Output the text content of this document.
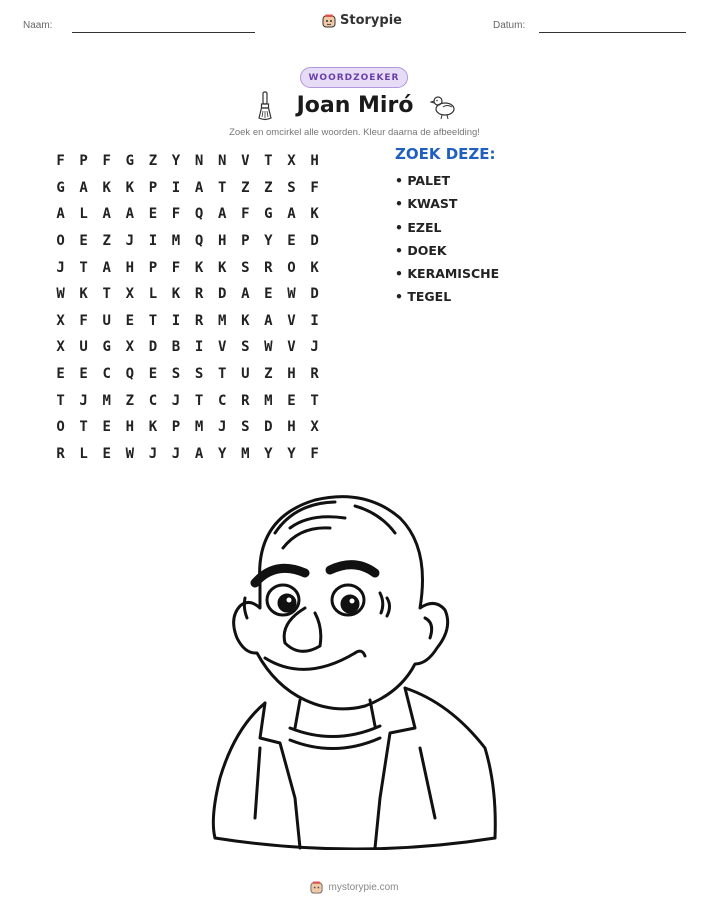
Naam:	Storypie	Datum:
WOORDZOEKER
Joan Miró
Zoek en omcirkel alle woorden. Kleur daarna de afbeelding!
F	P	F	G	Z	Y	N	N	V	T	X	H
G	A	K	K	P	I	A	T	Z	Z	S	F
A	L	A	A	E	F	Q	A	F	G	A	K
O	E	Z	J	I	M	Q	H	P	Y	E	D
J	T	A	H	P	F	K	K	S	R	O	K
W	K	T	X	L	K	R	D	A	E	W	D
X	F	U	E	T	I	R	M	K	A	V	I
X	U	G	X	D	B	I	V	S	W	V	J
E	E	C	Q	E	S	S	T	U	Z	H	R
T	J	M	Z	C	J	T	C	R	M	E	T
O	T	E	H	K	P	M	J	S	D	H	X
R	L	E	W	J	J	A	Y	M	Y	Y	F
ZOEK DEZE:
• PALET
• KWAST
• EZEL
• DOEK
• KERAMISCHE
• TEGEL
mystorypie.com
